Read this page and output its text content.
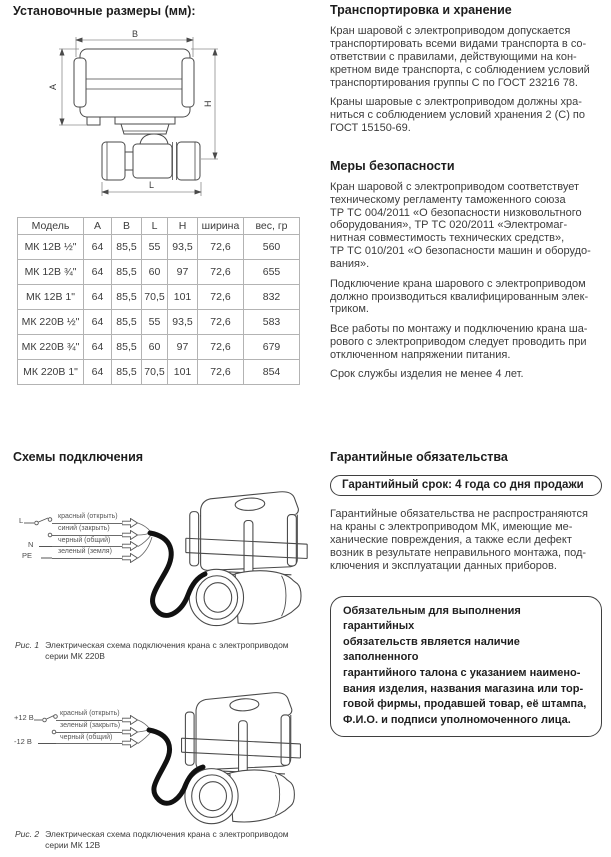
Установочные размеры (мм):
B
A
H
L
Модель	А	В	L	Н	ширина	вес, гр
МК 12В ½"	64	85,5	55	93,5	72,6	560
МК 12В ¾"	64	85,5	60	97	72,6	655
МК 12В 1"	64	85,5	70,5	101	72,6	832
МК 220В ½"	64	85,5	55	93,5	72,6	583
МК 220В ¾"	64	85,5	60	97	72,6	679
МК 220В 1"	64	85,5	70,5	101	72,6	854
Схемы подключения
L
N
PE
красный (открыть)
синий (закрыть)
черный (общий)
зеленый (земля)
Рис. 1 Электрическая схема подключения крана с электроприводом
серии МК 220В
+12 В
-12 В
красный (открыть)
зеленый (закрыть)
черный (общий)
Рис. 2 Электрическая схема подключения крана с электроприводом
серии МК 12В
Транспортировка и хранение

Кран шаровой с электроприводом допускается
транспортировать всеми видами транспорта в со-
ответствии с правилами, действующими на кон-
кретном виде транспорта, с соблюдением условий
транспортирования группы С по ГОСТ 23216 78.

Краны шаровые с электроприводом должны хра-
ниться с соблюдением условий хранения 2 (С) по
ГОСТ 15150-69.

Меры безопасности

Кран шаровой с электроприводом соответствует
техническому регламенту таможенного союза
ТР ТС 004/2011 «О безопасности низковольтного
оборудования», ТР ТС 020/2011 «Электромаг-
нитная совместимость технических средств»,
ТР ТС 010/201 «О безопасности машин и оборудо-
вания».

Подключение крана шарового с электроприводом
должно производиться квалифицированным элек-
триком.

Все работы по монтажу и подключению крана ша-
рового с электроприводом следует проводить при
отключенном напряжении питания.

Срок службы изделия не менее 4 лет.

Гарантийные обязательства
Гарантийный срок: 4 года со дня продажи

Гарантийные обязательства не распространяются
на краны с электроприводом МК, имеющие ме-
ханические повреждения, а также если дефект
возник в результате неправильного монтажа, под-
ключения и эксплуатации данных приборов.

Обязательным для выполнения гарантийных
обязательств является наличие заполненного
гарантийного талона с указанием наимено-
вания изделия, названия магазина или тор-
говой фирмы, продавшей товар, её штампа,
Ф.И.О. и подписи уполномоченного лица.
